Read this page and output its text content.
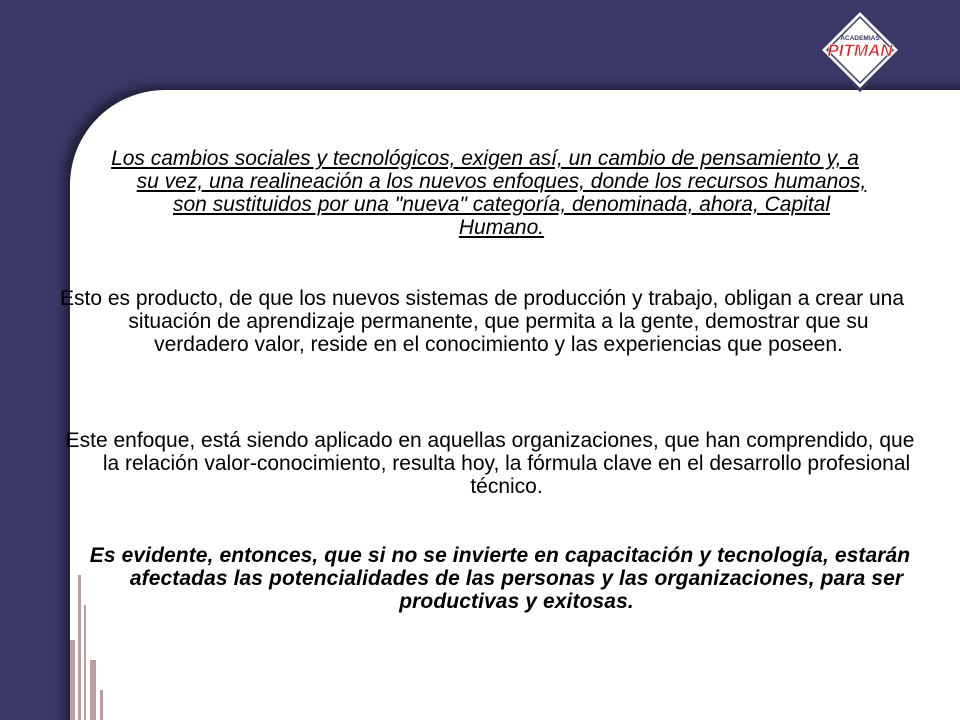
ACADEMIAS
PITMAN

Los cambios sociales y tecnológicos, exigen así, un cambio de pensamiento y, a su vez, una realineación a los nuevos enfoques, donde los recursos humanos, son sustituidos por una "nueva" categoría, denominada, ahora, Capital Humano.

Esto es producto, de que los nuevos sistemas de producción y trabajo, obligan a crear una situación de aprendizaje permanente, que permita a la gente, demostrar que su verdadero valor, reside en el conocimiento y las experiencias que poseen.

Este enfoque, está siendo aplicado en aquellas organizaciones, que han comprendido, que la relación valor-conocimiento, resulta hoy, la fórmula clave en el desarrollo profesional técnico.

Es evidente, entonces, que si no se invierte en capacitación y tecnología, estarán afectadas las potencialidades de las personas y las organizaciones, para ser productivas y exitosas.
